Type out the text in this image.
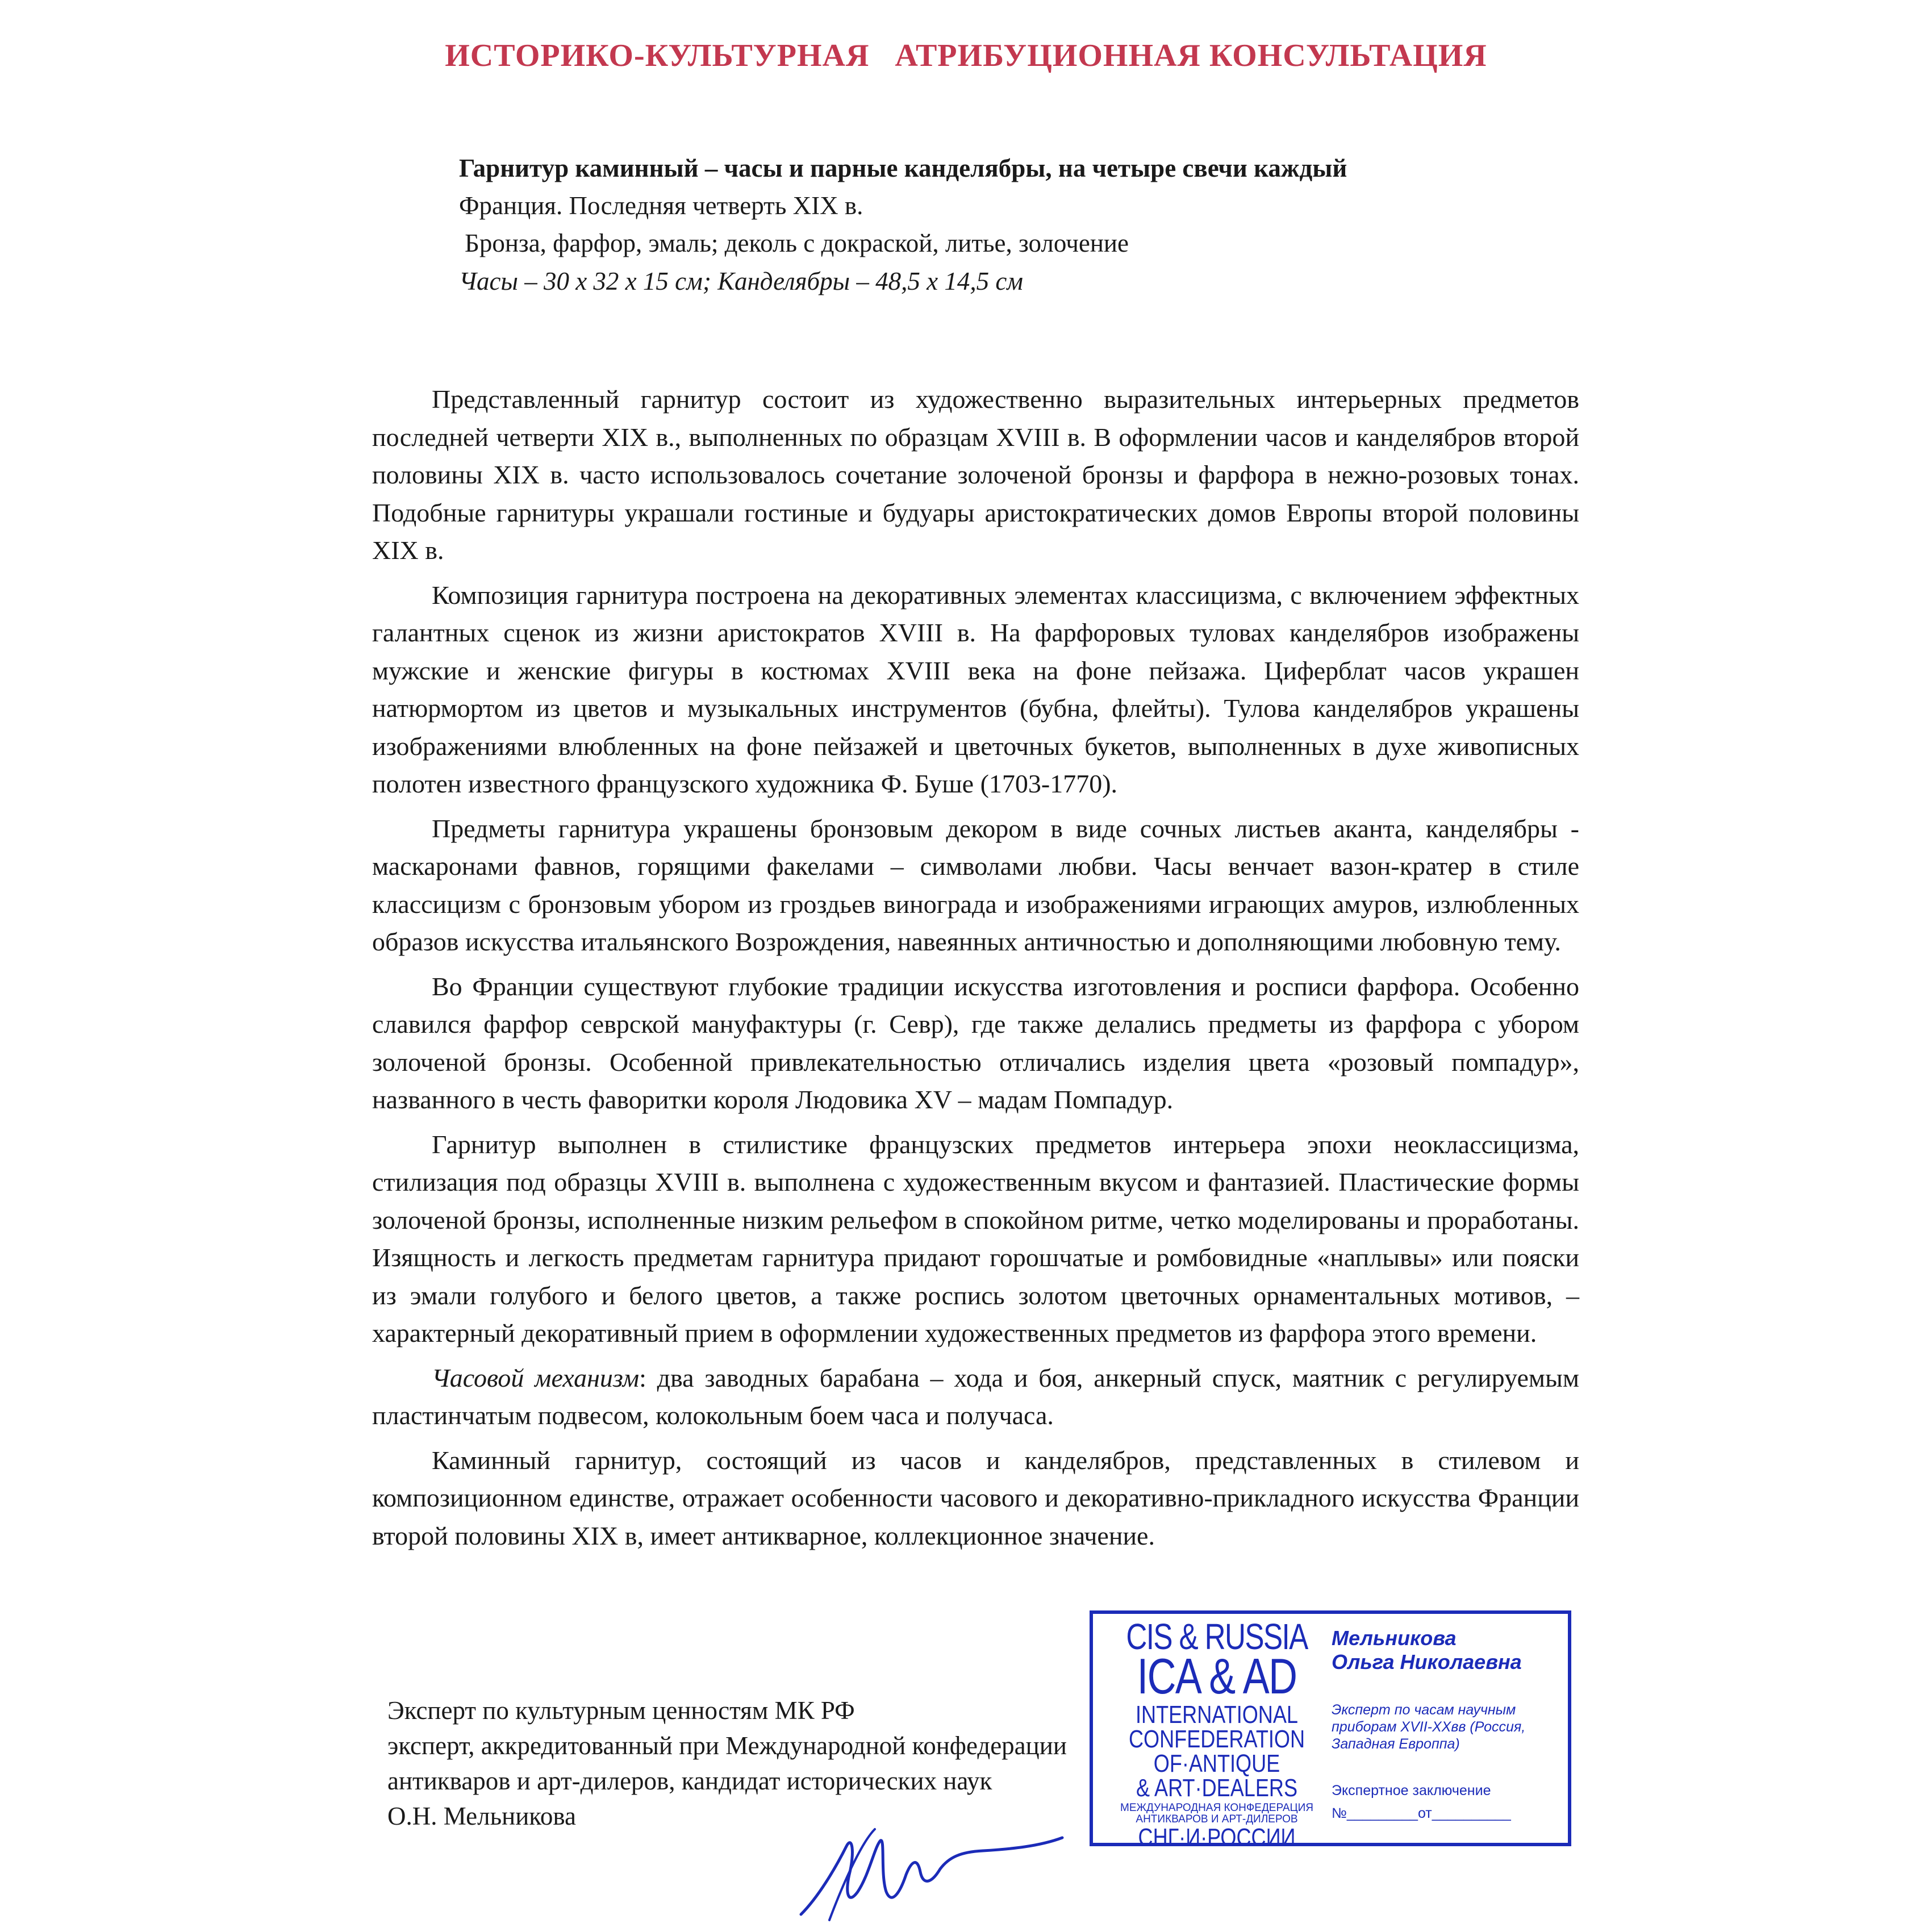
ИСТОРИКО-КУЛЬТУРНАЯ   АТРИБУЦИОННАЯ КОНСУЛЬТАЦИЯ
Гарнитур каминный – часы и парные канделябры, на четыре свечи каждый
Франция. Последняя четверть XIX в.
Бронза, фарфор, эмаль; деколь с докраской, литье, золочение
Часы – 30 х 32 х 15 см; Канделябры – 48,5 х 14,5 см

Представленный гарнитур состоит из художественно выразительных интерьерных предметов последней четверти XIX в., выполненных по образцам XVIII в. В оформлении часов и канделябров второй половины XIX в. часто использовалось сочетание золоченой бронзы и фарфора в нежно-розовых тонах. Подобные гарнитуры украшали гостиные и будуары аристократических домов Европы второй половины XIX в.

Композиция гарнитура построена на декоративных элементах классицизма, с включением эффектных галантных сценок из жизни аристократов XVIII в. На фарфоровых туловах канделябров изображены мужские и женские фигуры в костюмах XVIII века на фоне пейзажа. Циферблат часов украшен натюрмортом из цветов и музыкальных инструментов (бубна, флейты). Тулова канделябров украшены изображениями влюбленных на фоне пейзажей и цветочных букетов, выполненных в духе живописных полотен известного французского художника Ф. Буше (1703-1770).

Предметы гарнитура украшены бронзовым декором в виде сочных листьев аканта, канделябры - маскаронами фавнов, горящими факелами – символами любви. Часы венчает вазон-кратер в стиле классицизм с бронзовым убором из гроздьев винограда и изображениями играющих амуров, излюбленных образов искусства итальянского Возрождения, навеянных античностью и дополняющими любовную тему.

Во Франции существуют глубокие традиции искусства изготовления и росписи фарфора. Особенно славился фарфор севрской мануфактуры (г. Севр), где также делались предметы из фарфора с убором золоченой бронзы. Особенной привлекательностью отличались изделия цвета «розовый помпадур», названного в честь фаворитки короля Людовика XV – мадам Помпадур.

Гарнитур выполнен в стилистике французских предметов интерьера эпохи неоклассицизма, стилизация под образцы XVIII в. выполнена с художественным вкусом и фантазией. Пластические формы золоченой бронзы, исполненные низким рельефом в спокойном ритме, четко моделированы и проработаны. Изящность и легкость предметам гарнитура придают горошчатые и ромбовидные «наплывы» или пояски из эмали голубого и белого цветов, а также роспись золотом цветочных орнаментальных мотивов, – характерный декоративный прием в оформлении художественных предметов из фарфора этого времени.

Часовой механизм: два заводных барабана – хода и боя, анкерный спуск, маятник с регулируемым пластинчатым подвесом, колокольным боем часа и получаса.

Каминный гарнитур, состоящий из часов и канделябров, представленных в стилевом и композиционном единстве, отражает особенности часового и декоративно-прикладного искусства Франции второй половины XIX в, имеет антикварное, коллекционное значение.

Эксперт по культурным ценностям МК РФ
эксперт, аккредитованный при Международной конфедерации
антикваров и арт-дилеров, кандидат исторических наук
О.Н. Мельникова
CIS & RUSSIA
ICA & AD
INTERNATIONAL
CONFEDERATION
OF·ANTIQUE
& ART·DEALERS
МЕЖДУНАРОДНАЯ КОНФЕДЕРАЦИЯ
АНТИКВАРОВ И АРТ-ДИЛЕРОВ
СНГ·И·РОССИИ
Мельникова
Ольга Николаевна
Эксперт по часам научным приборам XVII-XXвв (Россия, Западная Европпа)
Экспертное заключение
№_________от__________
